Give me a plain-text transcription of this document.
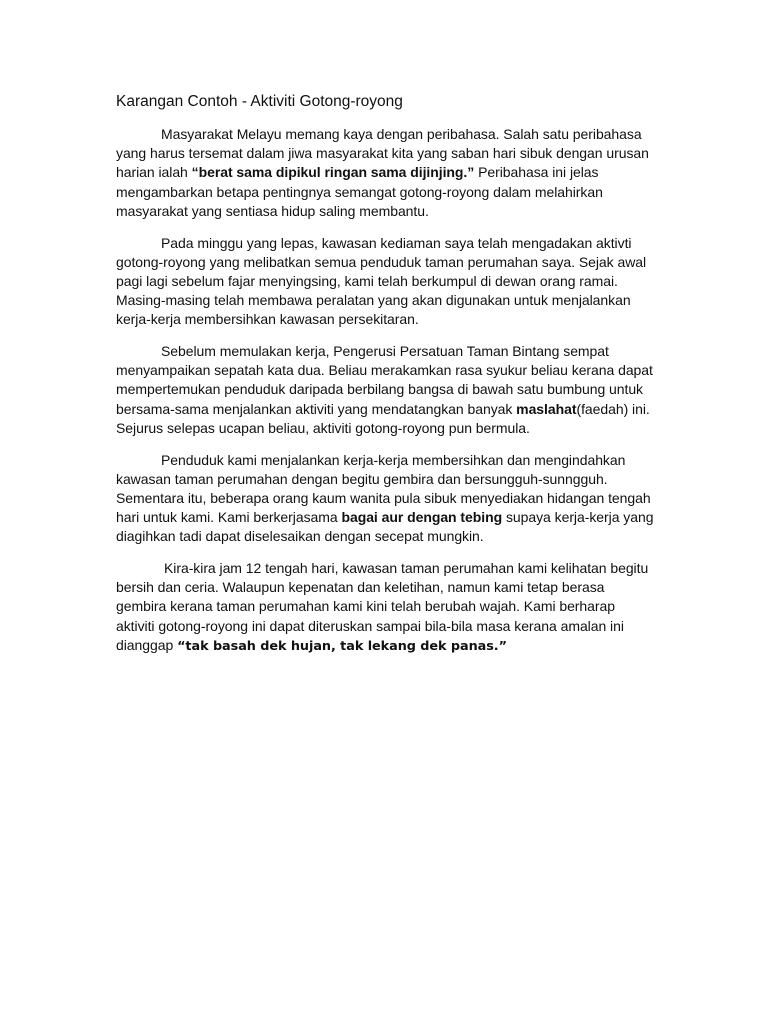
Karangan Contoh - Aktiviti Gotong-royong

Masyarakat Melayu memang kaya dengan peribahasa. Salah satu peribahasa yang harus tersemat dalam jiwa masyarakat kita yang saban hari sibuk dengan urusan harian ialah “berat sama dipikul ringan sama dijinjing.” Peribahasa ini jelas mengambarkan betapa pentingnya semangat gotong-royong dalam melahirkan masyarakat yang sentiasa hidup saling membantu.

Pada minggu yang lepas, kawasan kediaman saya telah mengadakan aktivti gotong-royong yang melibatkan semua penduduk taman perumahan saya. Sejak awal pagi lagi sebelum fajar menyingsing, kami telah berkumpul di dewan orang ramai. Masing-masing telah membawa peralatan yang akan digunakan untuk menjalankan kerja-kerja membersihkan kawasan persekitaran.

Sebelum memulakan kerja, Pengerusi Persatuan Taman Bintang sempat menyampaikan sepatah kata dua. Beliau merakamkan rasa syukur beliau kerana dapat mempertemukan penduduk daripada berbilang bangsa di bawah satu bumbung untuk bersama-sama menjalankan aktiviti yang mendatangkan banyak maslahat(faedah) ini. Sejurus selepas ucapan beliau, aktiviti gotong-royong pun bermula.

Penduduk kami menjalankan kerja-kerja membersihkan dan mengindahkan kawasan taman perumahan dengan begitu gembira dan bersungguh-sunngguh. Sementara itu, beberapa orang kaum wanita pula sibuk menyediakan hidangan tengah hari untuk kami. Kami berkerjasama bagai aur dengan tebing supaya kerja-kerja yang diagihkan tadi dapat diselesaikan dengan secepat mungkin.

Kira-kira jam 12 tengah hari, kawasan taman perumahan kami kelihatan begitu bersih dan ceria. Walaupun kepenatan dan keletihan, namun kami tetap berasa gembira kerana taman perumahan kami kini telah berubah wajah. Kami berharap aktiviti gotong-royong ini dapat diteruskan sampai bila-bila masa kerana amalan ini dianggap “tak basah dek hujan, tak lekang dek panas.”
